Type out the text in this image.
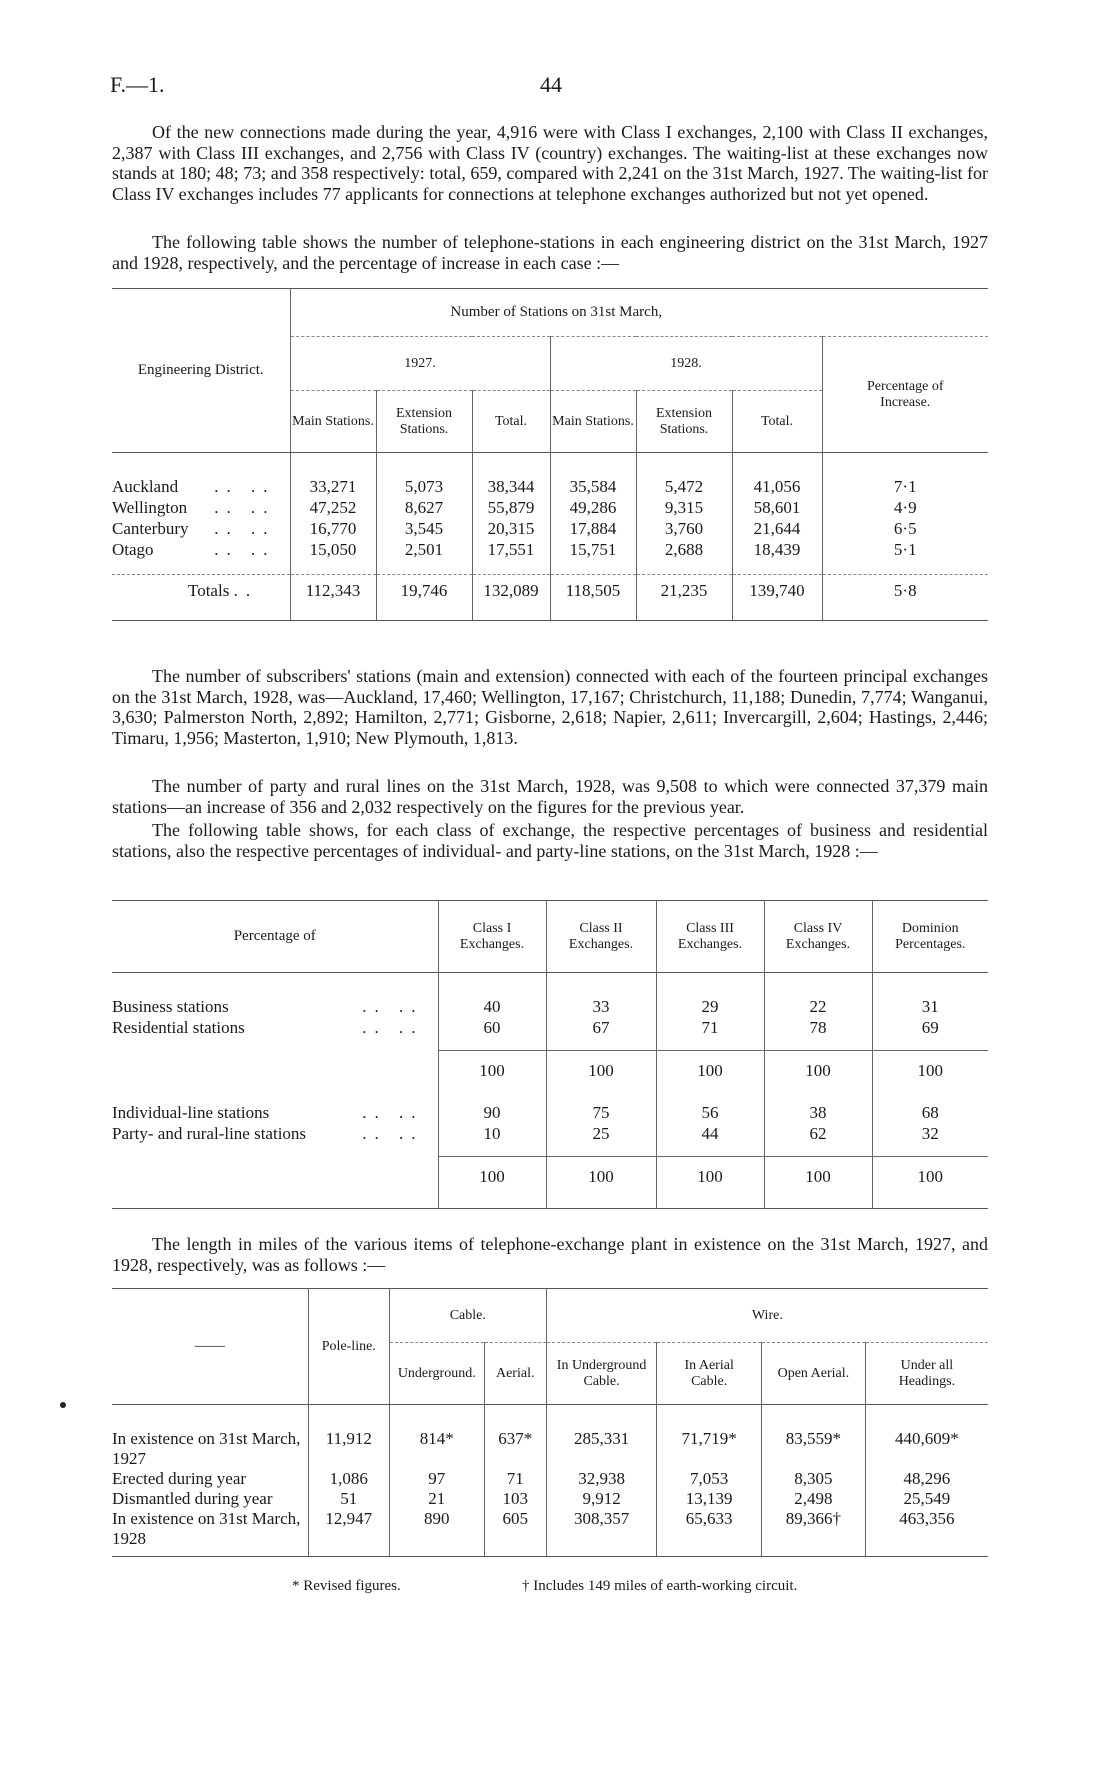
F.—1.	44

Of the new connections made during the year, 4,916 were with Class I exchanges, 2,100 with Class II exchanges, 2,387 with Class III exchanges, and 2,756 with Class IV (country) exchanges. The waiting-list at these exchanges now stands at 180; 48; 73; and 358 respectively: total, 659, compared with 2,241 on the 31st March, 1927. The waiting-list for Class IV exchanges includes 77 applicants for connections at telephone exchanges authorized but not yet opened.

The following table shows the number of telephone-stations in each engineering district on the 31st March, 1927 and 1928, respectively, and the percentage of increase in each case :—

Engineering District.	Number of Stations on 31st March,						
	1927.			1928.			Percentage of Increase.
	Main Stations.	Extension Stations.	Total.	Main Stations.	Extension Stations.	Total.	

Auckland .. ..	33,271	5,073	38,344	35,584	5,472	41,056	7·1
Wellington .. ..	47,252	8,627	55,879	49,286	9,315	58,601	4·9
Canterbury .. ..	16,770	3,545	20,315	17,884	3,760	21,644	6·5
Otago .. ..	15,050	2,501	17,551	15,751	2,688	18,439	5·1

Totals ..	112,343	19,746	132,089	118,505	21,235	139,740	5·8

The number of subscribers' stations (main and extension) connected with each of the fourteen principal exchanges on the 31st March, 1928, was—Auckland, 17,460; Wellington, 17,167; Christchurch, 11,188; Dunedin, 7,774; Wanganui, 3,630; Palmerston North, 2,892; Hamilton, 2,771; Gisborne, 2,618; Napier, 2,611; Invercargill, 2,604; Hastings, 2,446; Timaru, 1,956; Masterton, 1,910; New Plymouth, 1,813.

The number of party and rural lines on the 31st March, 1928, was 9,508 to which were connected 37,379 main stations—an increase of 356 and 2,032 respectively on the figures for the previous year.

The following table shows, for each class of exchange, the respective percentages of business and residential stations, also the respective percentages of individual- and party-line stations, on the 31st March, 1928 :—

Percentage of	Class I Exchanges.	Class II Exchanges.	Class III Exchanges.	Class IV Exchanges.	Dominion Percentages.

Business stations .. ..	40	33	29	22	31
Residential stations .. ..	60	67	71	78	69

	100	100	100	100	100

Individual-line stations .. ..	90	75	56	38	68
Party- and rural-line stations .. ..	10	25	44	62	32

	100	100	100	100	100

The length in miles of the various items of telephone-exchange plant in existence on the 31st March, 1927, and 1928, respectively, was as follows :—

——	Pole-line.	Cable.		Wire.			
		Underground.	Aerial.	In Underground Cable.	In Aerial Cable.	Open Aerial.	Under all Headings.

In existence on 31st March, 1927	11,912	814*	637*	285,331	71,719*	83,559*	440,609*
Erected during year	1,086	97	71	32,938	7,053	8,305	48,296
Dismantled during year	51	21	103	9,912	13,139	2,498	25,549
In existence on 31st March, 1928	12,947	890	605	308,357	65,633	89,366†	463,356

* Revised figures.	† Includes 149 miles of earth-working circuit.
